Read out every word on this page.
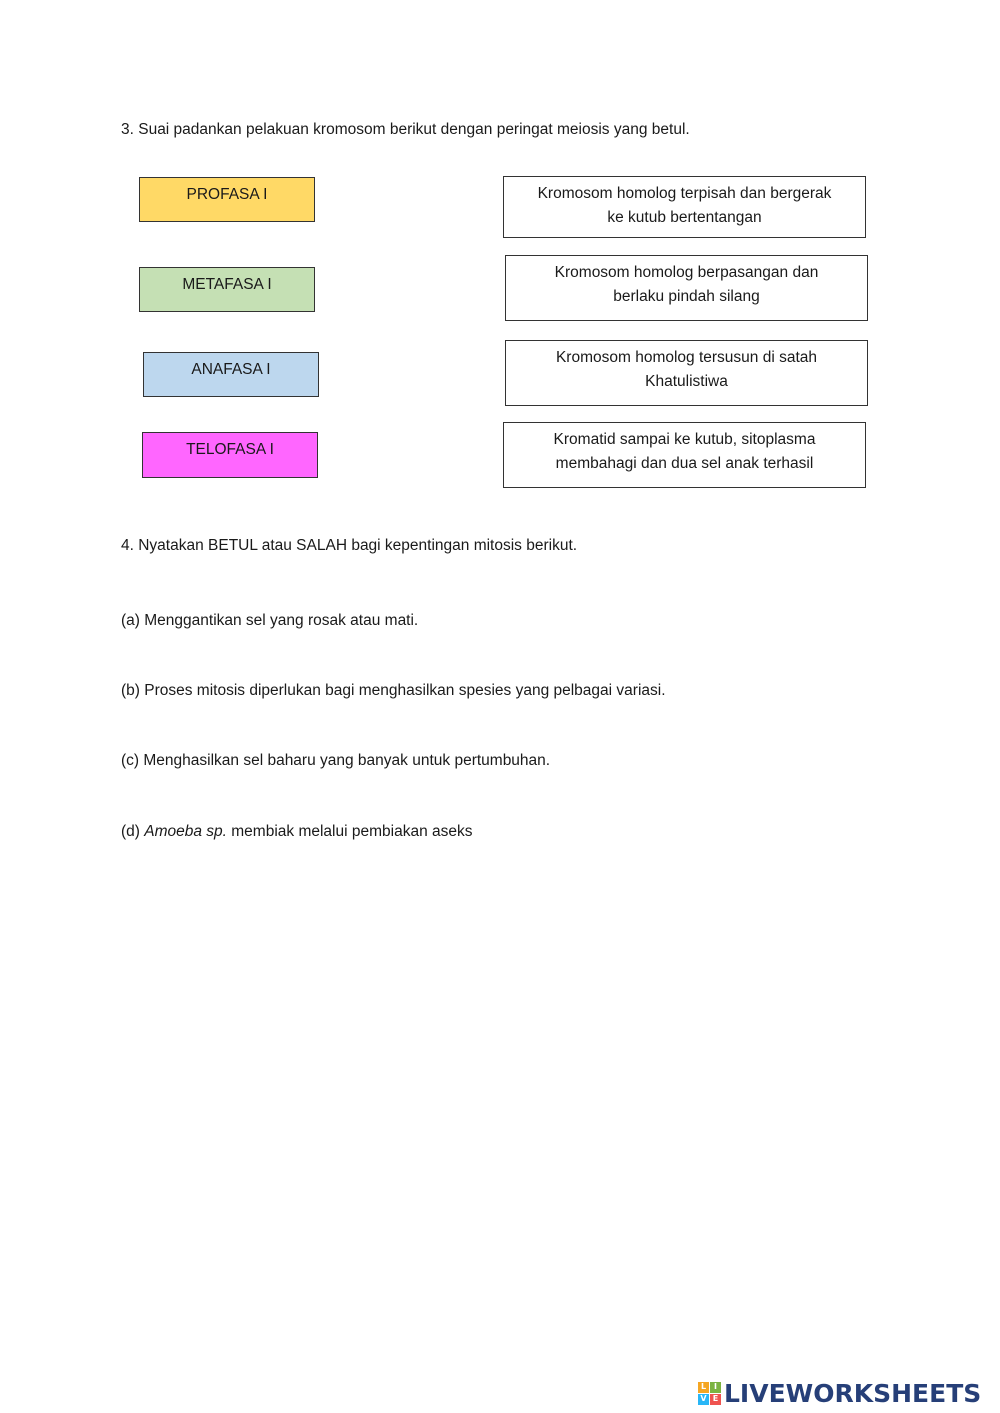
3. Suai padankan pelakuan kromosom berikut dengan peringat meiosis yang betul.
PROFASA I
METAFASA I
ANAFASA I
TELOFASA I
Kromosom homolog terpisah dan bergerak
ke kutub bertentangan
Kromosom homolog berpasangan dan
berlaku pindah silang
Kromosom homolog tersusun di satah
Khatulistiwa
Kromatid sampai ke kutub, sitoplasma
membahagi dan dua sel anak terhasil
4. Nyatakan BETUL atau SALAH bagi kepentingan mitosis berikut.
(a) Menggantikan sel yang rosak atau mati.
(b) Proses mitosis diperlukan bagi menghasilkan spesies yang pelbagai variasi.
(c) Menghasilkan sel baharu yang banyak untuk pertumbuhan.
(d) Amoeba sp. membiak melalui pembiakan aseks
L I
V E LIVEWORKSHEETS
